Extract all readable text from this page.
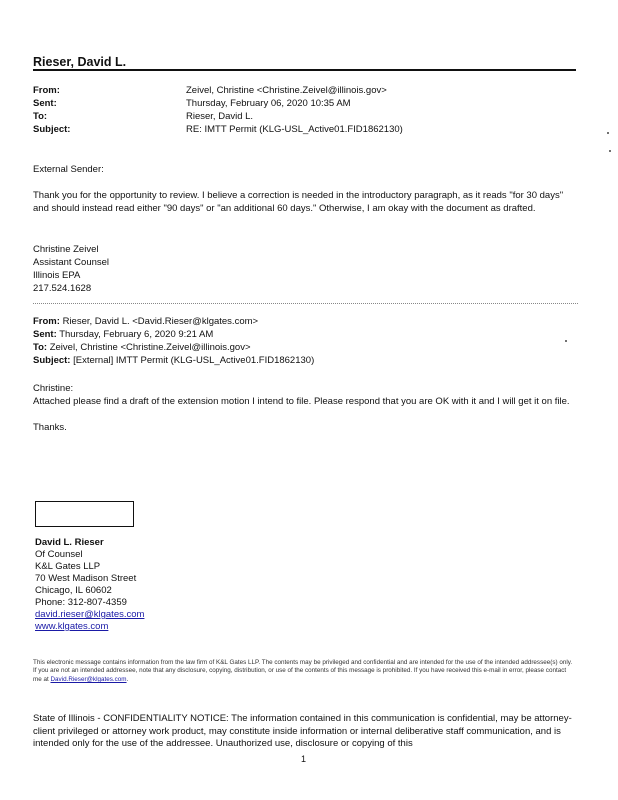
Rieser, David L.
From:	Zeivel, Christine <Christine.Zeivel@illinois.gov>
Sent:	Thursday, February 06, 2020 10:35 AM
To:	Rieser, David L.
Subject:	RE: IMTT Permit (KLG-USL_Active01.FID1862130)
External Sender:
Thank you for the opportunity to review. I believe a correction is needed in the introductory paragraph, as it reads "for 30 days" and should instead read either "90 days" or "an additional 60 days." Otherwise, I am okay with the document as drafted.
Christine Zeivel
Assistant Counsel
Illinois EPA
217.524.1628
From: Rieser, David L. <David.Rieser@klgates.com>
Sent: Thursday, February 6, 2020 9:21 AM
To: Zeivel, Christine <Christine.Zeivel@illinois.gov>
Subject: [External] IMTT Permit (KLG-USL_Active01.FID1862130)
Christine:
Attached please find a draft of the extension motion I intend to file. Please respond that you are OK with it and I will get it on file.
Thanks.
David L. Rieser
Of Counsel
K&L Gates LLP
70 West Madison Street
Chicago, IL 60602
Phone: 312-807-4359
david.rieser@klgates.com
www.klgates.com
This electronic message contains information from the law firm of K&L Gates LLP. The contents may be privileged and confidential and are intended for the use of the intended addressee(s) only. If you are not an intended addressee, note that any disclosure, copying, distribution, or use of the contents of this message is prohibited. If you have received this e-mail in error, please contact me at David.Rieser@klgates.com.
State of Illinois - CONFIDENTIALITY NOTICE: The information contained in this communication is confidential, may be attorney-client privileged or attorney work product, may constitute inside information or internal deliberative staff communication, and is intended only for the use of the addressee. Unauthorized use, disclosure or copying of this
1
